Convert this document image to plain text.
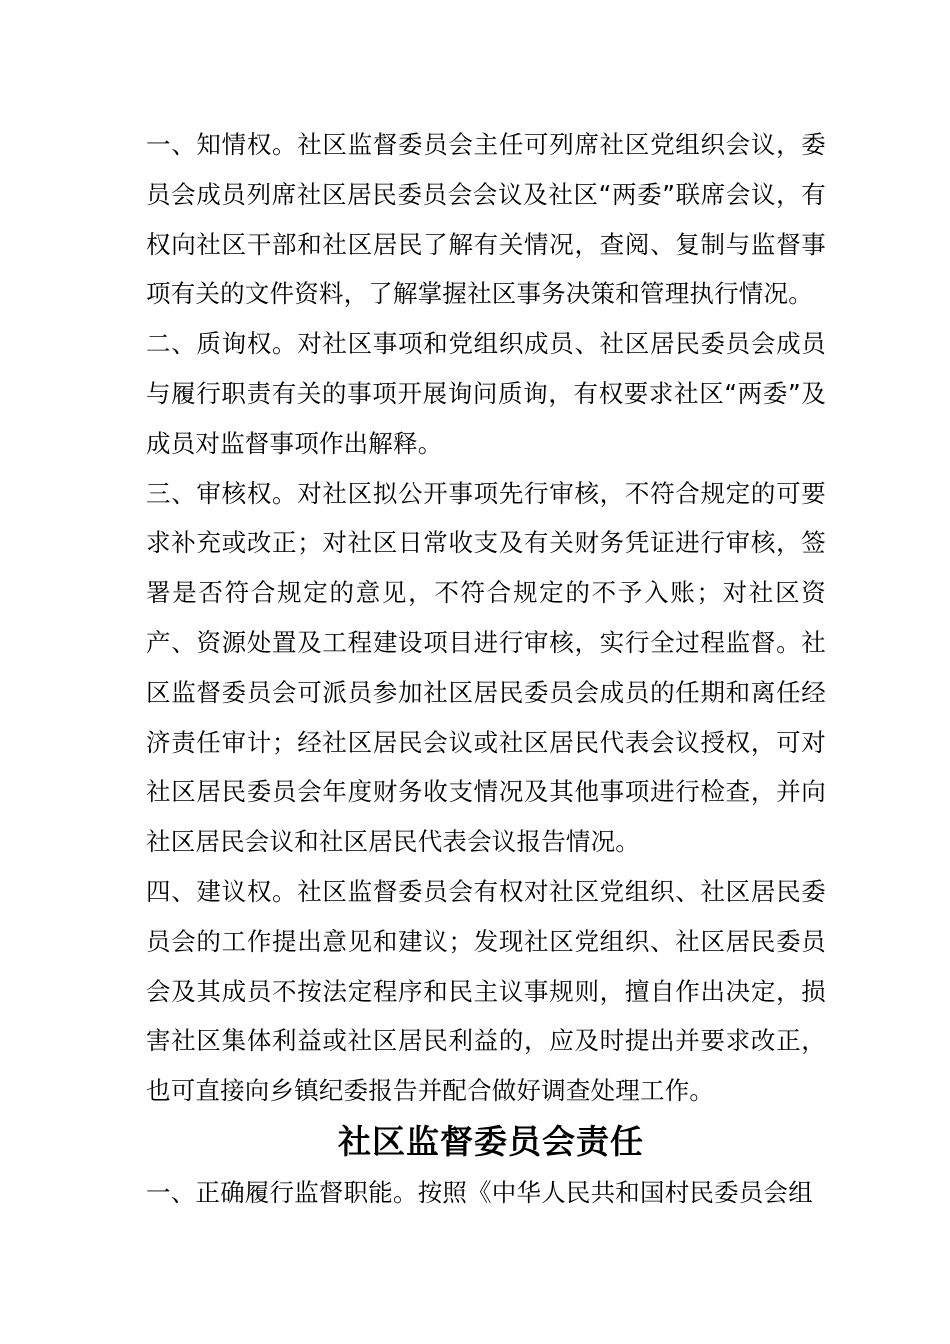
一、知情权。社区监督委员会主任可列席社区党组织会议，委员会成员列席社区居民委员会会议及社区“两委”联席会议，有权向社区干部和社区居民了解有关情况，查阅、复制与监督事项有关的文件资料，了解掌握社区事务决策和管理执行情况。

二、质询权。对社区事项和党组织成员、社区居民委员会成员与履行职责有关的事项开展询问质询，有权要求社区“两委”及成员对监督事项作出解释。

三、审核权。对社区拟公开事项先行审核，不符合规定的可要求补充或改正；对社区日常收支及有关财务凭证进行审核，签署是否符合规定的意见，不符合规定的不予入账；对社区资产、资源处置及工程建设项目进行审核，实行全过程监督。社区监督委员会可派员参加社区居民委员会成员的任期和离任经济责任审计；经社区居民会议或社区居民代表会议授权，可对社区居民委员会年度财务收支情况及其他事项进行检查，并向社区居民会议和社区居民代表会议报告情况。

四、建议权。社区监督委员会有权对社区党组织、社区居民委员会的工作提出意见和建议；发现社区党组织、社区居民委员会及其成员不按法定程序和民主议事规则，擅自作出决定，损害社区集体利益或社区居民利益的，应及时提出并要求改正，也可直接向乡镇纪委报告并配合做好调查处理工作。

社区监督委员会责任

一、正确履行监督职能。按照《中华人民共和国村民委员会组
